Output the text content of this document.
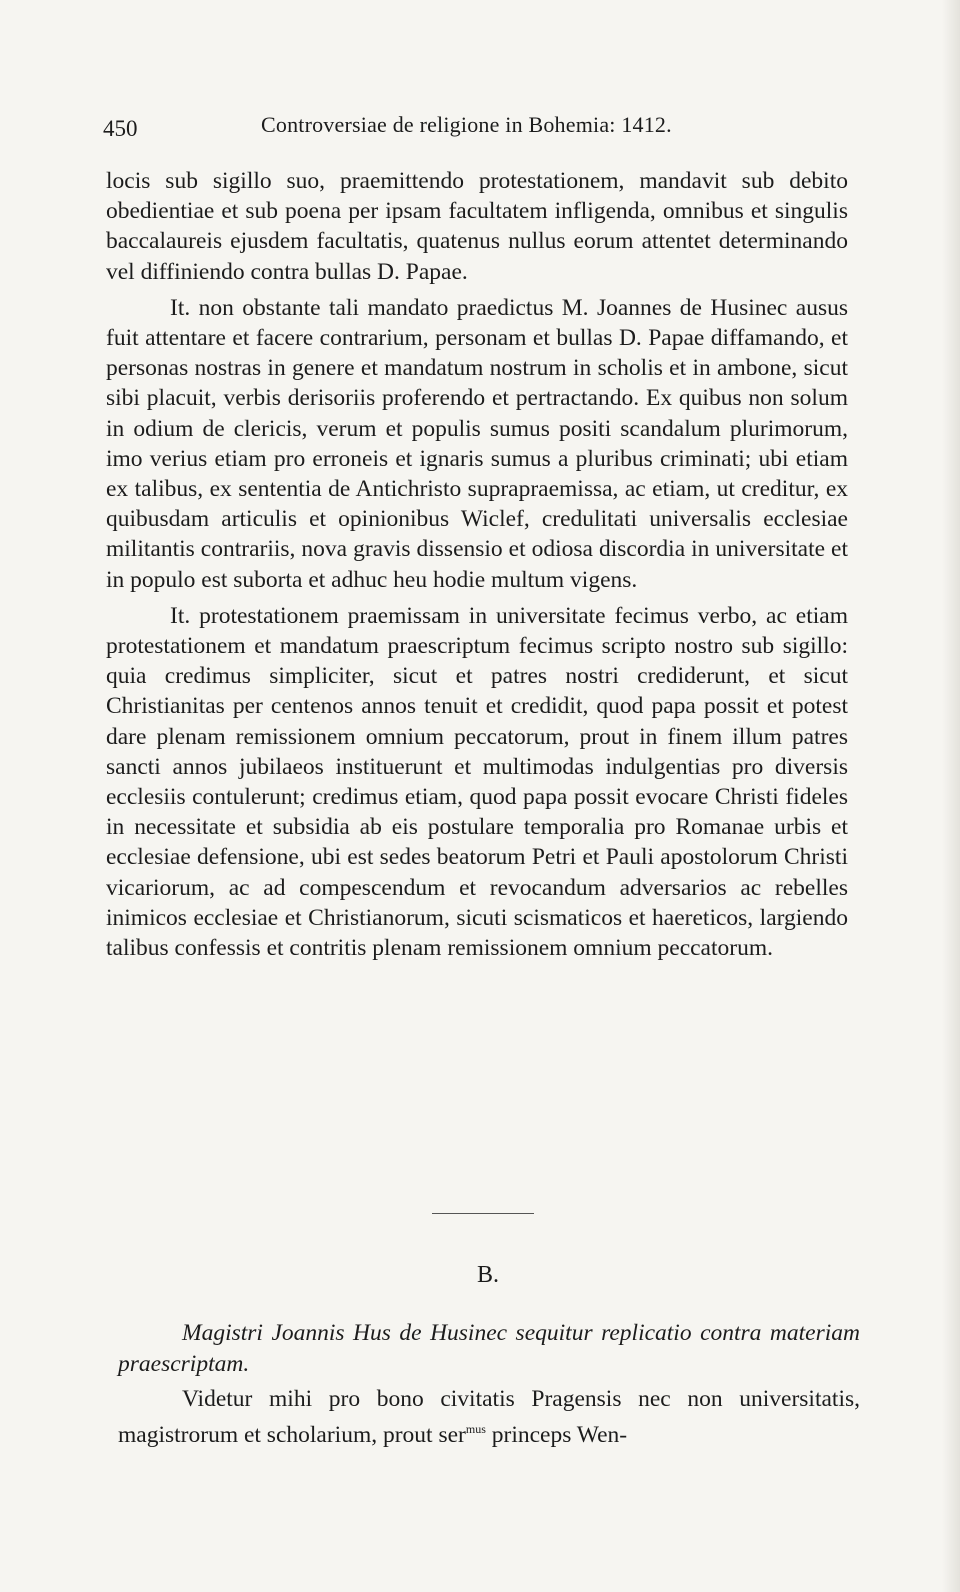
450	Controversiae de religione in Bohemia: 1412.

locis sub sigillo suo, praemittendo protestationem, mandavit sub debito obedientiae et sub poena per ipsam facultatem infligenda, omnibus et singulis baccalaureis ejusdem facultatis, quatenus nullus eorum attentet determinando vel diffiniendo contra bullas D. Papae.

It. non obstante tali mandato praedictus M. Joannes de Husinec ausus fuit attentare et facere contrarium, personam et bullas D. Papae diffamando, et personas nostras in genere et mandatum nostrum in scholis et in ambone, sicut sibi placuit, verbis derisoriis proferendo et pertractando. Ex quibus non solum in odium de clericis, verum et populis sumus positi scandalum plurimorum, imo verius etiam pro erroneis et ignaris sumus a pluribus criminati; ubi etiam ex talibus, ex sententia de Antichristo suprapraemissa, ac etiam, ut creditur, ex quibusdam articulis et opinionibus Wiclef, credulitati universalis ecclesiae militantis contrariis, nova gravis dissensio et odiosa discordia in universitate et in populo est suborta et adhuc heu hodie multum vigens.

It. protestationem praemissam in universitate fecimus verbo, ac etiam protestationem et mandatum praescriptum fecimus scripto nostro sub sigillo: quia credimus simpliciter, sicut et patres nostri crediderunt, et sicut Christianitas per centenos annos tenuit et credidit, quod papa possit et potest dare plenam remissionem omnium peccatorum, prout in finem illum patres sancti annos jubilaeos instituerunt et multimodas indulgentias pro diversis ecclesiis contulerunt; credimus etiam, quod papa possit evocare Christi fideles in necessitate et subsidia ab eis postulare temporalia pro Romanae urbis et ecclesiae defensione, ubi est sedes beatorum Petri et Pauli apostolorum Christi vicariorum, ac ad compescendum et revocandum adversarios ac rebelles inimicos ecclesiae et Christianorum, sicuti scismaticos et haereticos, largiendo talibus confessis et contritis plenam remissionem omnium peccatorum.

B.

Magistri Joannis Hus de Husinec sequitur replicatio contra materiam praescriptam.

Videtur mihi pro bono civitatis Pragensis nec non universitatis, magistrorum et scholarium, prout ser$^{mus}$ princeps Wen-
